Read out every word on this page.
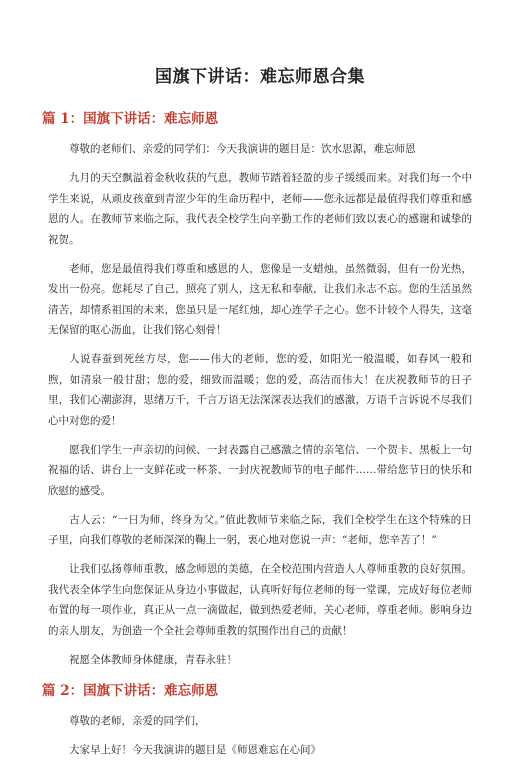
国旗下讲话：难忘师恩合集
篇 1：国旗下讲话：难忘师恩

尊敬的老师们、亲爱的同学们：今天我演讲的题目是：饮水思源，难忘师恩

九月的天空飘溢着金秋收获的气息，教师节踏着轻盈的步子缓缓而来。对我们每一个中学生来说，从顽皮孩童到青涩少年的生命历程中，老师——您永远都是最值得我们尊重和感恩的人。在教师节来临之际，我代表全校学生向辛勤工作的老师们致以衷心的感谢和诚挚的祝贺。

老师，您是最值得我们尊重和感恩的人，您像是一支蜡烛，虽然微弱，但有一份光热，发出一份亮。您耗尽了自己，照亮了别人，这无私和奉献，让我们永志不忘。您的生活虽然清苦，却情系祖国的未来，您虽只是一尾红烛，却心连学子之心。您不计较个人得失，这毫无保留的呕心沥血，让我们铭心刻骨！

人说春蚕到死丝方尽，您——伟大的老师，您的爱，如阳光一般温暖，如春风一般和煦，如清泉一般甘甜；您的爱，细致而温暖；您的爱，高洁而伟大！在庆祝教师节的日子里，我们心潮澎湃，思绪万千，千言万语无法深深表达我们的感激，万语千言诉说不尽我们心中对您的爱！

愿我们学生一声亲切的问候、一封表露自己感激之情的亲笔信、一个贺卡、黑板上一句祝福的话、讲台上一支鲜花或一杯茶、一封庆祝教师节的电子邮件……带给您节日的快乐和欣慰的感受。

古人云：“一日为师，终身为父。”值此教师节来临之际，我们全校学生在这个特殊的日子里，向我们尊敬的老师深深的鞠上一躬，衷心地对您说一声：“老师，您辛苦了！”

让我们弘扬尊师重教，感念师恩的美德，在全校范围内营造人人尊师重教的良好氛围。我代表全体学生向您保证从身边小事做起，认真听好每位老师的每一堂课，完成好每位老师布置的每一项作业，真正从一点一滴做起，做到热爱老师，关心老师，尊重老师。影响身边的亲人朋友，为创造一个全社会尊师重教的氛围作出自己的贡献！

祝愿全体教师身体健康，青春永驻！

篇 2：国旗下讲话：难忘师恩

尊敬的老师，亲爱的同学们，

大家早上好！今天我演讲的题目是《师恩难忘在心间》
